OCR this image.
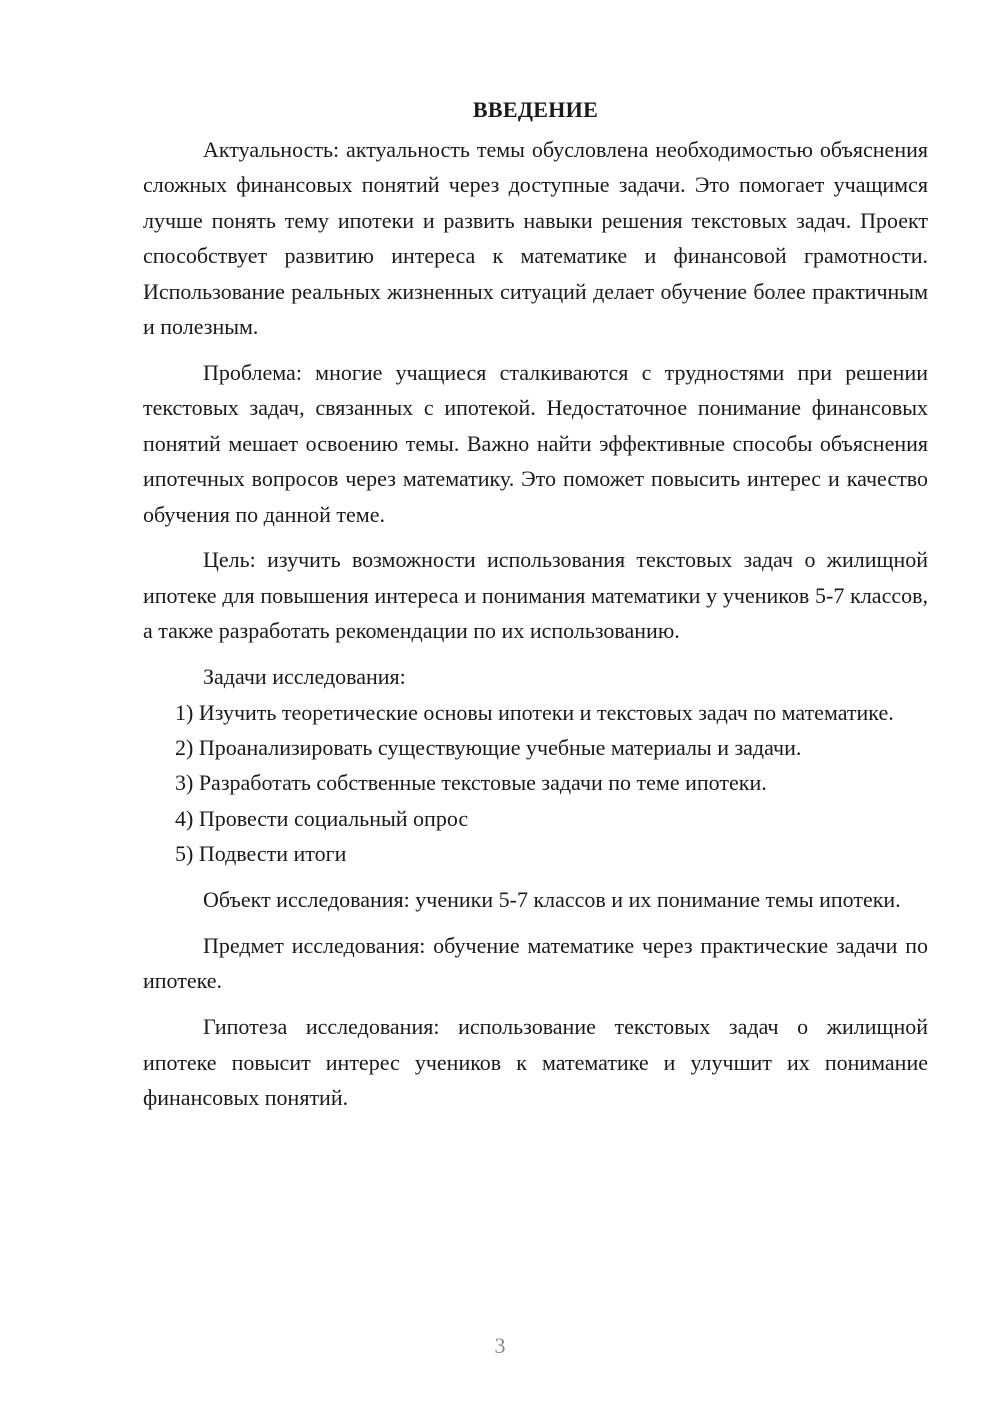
ВВЕДЕНИЕ

Актуальность: актуальность темы обусловлена необходимостью объяснения сложных финансовых понятий через доступные задачи. Это помогает учащимся лучше понять тему ипотеки и развить навыки решения текстовых задач. Проект способствует развитию интереса к математике и финансовой грамотности. Использование реальных жизненных ситуаций делает обучение более практичным и полезным.

Проблема: многие учащиеся сталкиваются с трудностями при решении текстовых задач, связанных с ипотекой. Недостаточное понимание финансовых понятий мешает освоению темы. Важно найти эффективные способы объяснения ипотечных вопросов через математику. Это поможет повысить интерес и качество обучения по данной теме.

Цель: изучить возможности использования текстовых задач о жилищной ипотеке для повышения интереса и понимания математики у учеников 5-7 классов, а также разработать рекомендации по их использованию.

Задачи исследования:

1) Изучить теоретические основы ипотеки и текстовых задач по математике.

2) Проанализировать существующие учебные материалы и задачи.

3) Разработать собственные текстовые задачи по теме ипотеки.

4) Провести социальный опрос

5) Подвести итоги

Объект исследования: ученики 5-7 классов и их понимание темы ипотеки.

Предмет исследования: обучение математике через практические задачи по ипотеке.

Гипотеза исследования: использование текстовых задач о жилищной ипотеке повысит интерес учеников к математике и улучшит их понимание финансовых понятий.

3
